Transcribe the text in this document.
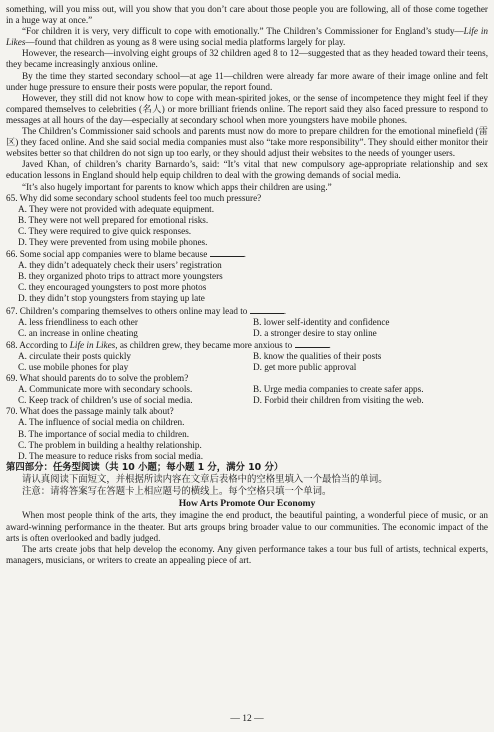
something, will you miss out, will you show that you don’t care about those people you are following, all of those come together in a huge way at once.”

“For children it is very, very difficult to cope with emotionally.” The Children’s Commissioner for England’s study—Life in Likes—found that children as young as 8 were using social media platforms largely for play.

However, the research—involving eight groups of 32 children aged 8 to 12—suggested that as they headed toward their teens, they became increasingly anxious online.

By the time they started secondary school—at age 11—children were already far more aware of their image online and felt under huge pressure to ensure their posts were popular, the report found.

However, they still did not know how to cope with mean-spirited jokes, or the sense of incompetence they might feel if they compared themselves to celebrities (名人) or more brilliant friends online. The report said they also faced pressure to respond to messages at all hours of the day—especially at secondary school when more youngsters have mobile phones.

The Children’s Commissioner said schools and parents must now do more to prepare children for the emotional minefield (雷区) they faced online. And she said social media companies must also “take more responsibility”. They should either monitor their websites better so that children do not sign up too early, or they should adjust their websites to the needs of younger users.

Javed Khan, of children’s charity Barnardo’s, said: “It’s vital that new compulsory age-appropriate relationship and sex education lessons in England should help equip children to deal with the growing demands of social media.

“It’s also hugely important for parents to know which apps their children are using.”

65. Why did some secondary school students feel too much pressure?
A. They were not provided with adequate equipment.
B. They were not well prepared for emotional risks.
C. They were required to give quick responses.
D. They were prevented from using mobile phones.
66. Some social app companies were to blame because	.
A. they didn’t adequately check their users’ registration
B. they organized photo trips to attract more youngsters
C. they encouraged youngsters to post more photos
D. they didn’t stop youngsters from staying up late
67. Children’s comparing themselves to others online may lead to	.
A. less friendliness to each other	B. lower self-identity and confidence
C. an increase in online cheating	D. a stronger desire to stay online
68. According to Life in Likes, as children grew, they became more anxious to	.
A. circulate their posts quickly	B. know the qualities of their posts
C. use mobile phones for play	D. get more public approval
69. What should parents do to solve the problem?
A. Communicate more with secondary schools.	B. Urge media companies to create safer apps.
C. Keep track of children’s use of social media.	D. Forbid their children from visiting the web.
70. What does the passage mainly talk about?
A. The influence of social media on children.
B. The importance of social media to children.
C. The problem in building a healthy relationship.
D. The measure to reduce risks from social media.
第四部分：任务型阅读（共 10 小题；每小题 1 分，满分 10 分）
请认真阅读下面短文，并根据所读内容在文章后表格中的空格里填入一个最恰当的单词。
注意：请将答案写在答题卡上相应题号的横线上。每个空格只填一个单词。
How Arts Promote Our Economy

When most people think of the arts, they imagine the end product, the beautiful painting, a wonderful piece of music, or an award-winning performance in the theater. But arts groups bring broader value to our communities. The economic impact of the arts is often overlooked and badly judged.

The arts create jobs that help develop the economy. Any given performance takes a tour bus full of artists, technical experts, managers, musicians, or writers to create an appealing piece of art.

— 12 —
